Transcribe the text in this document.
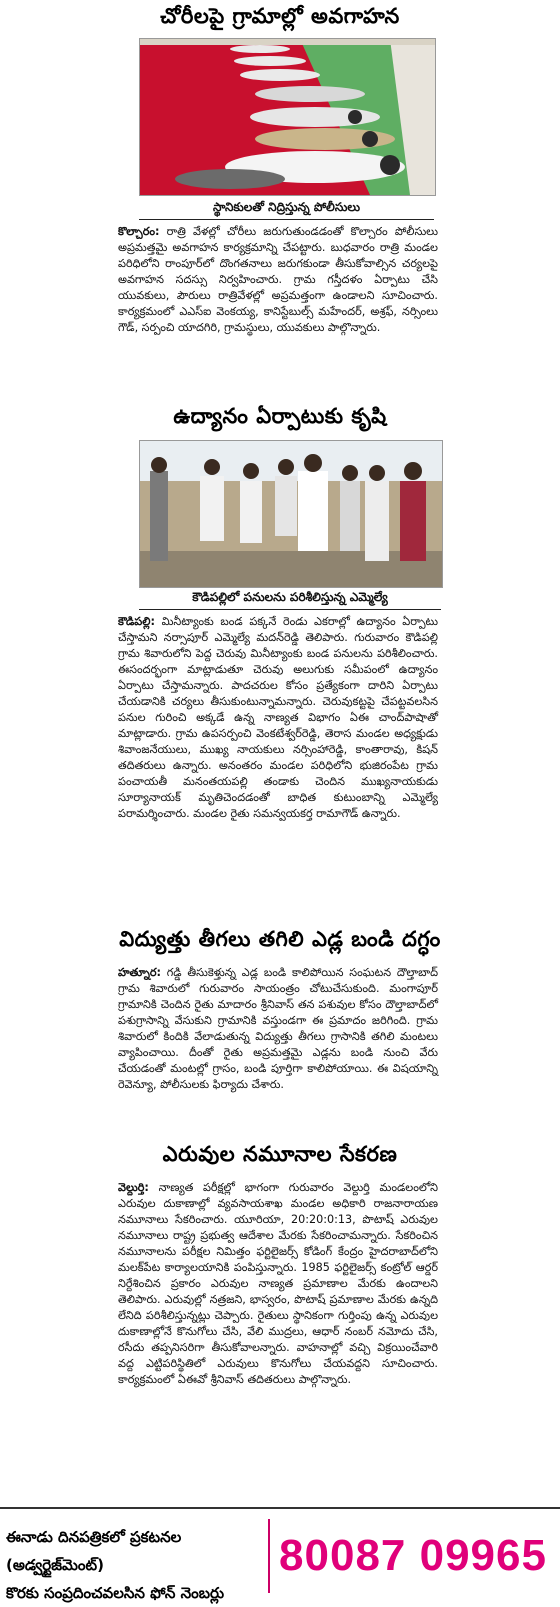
చోరీలపై గ్రామాల్లో అవగాహన
స్థానికులతో నిద్రిస్తున్న పోలీసులు
కొల్చారం: రాత్రి వేళల్లో చోరీలు జరుగుతుండడంతో కొల్చారం పోలీసులు అప్రమత్తమై అవగాహన కార్యక్రమాన్ని చేపట్టారు. బుధవారం రాత్రి మండల పరిధిలోని రాంపూర్‌లో దొంగతనాలు జరుగకుండా తీసుకోవాల్సిన చర్యలపై అవగాహన సదస్సు నిర్వహించారు. గ్రామ గస్తీదళం ఏర్పాటు చేసి యువకులు, పౌరులు రాత్రివేళల్లో అప్రమత్తంగా ఉండాలని సూచించారు. కార్యక్రమంలో ఎఎస్‌ఐ వెంకయ్య, కానిస్టేబుల్స్‌ మహేందర్‌, అశ్రఫ్‌, నర్సింలు గౌడ్‌, సర్పంచి యాదగిరి, గ్రామస్థులు, యువకులు పాల్గొన్నారు.
ఉద్యానం ఏర్పాటుకు కృషి
కౌడిపల్లిలో పనులను పరిశీలిస్తున్న ఎమ్మెల్యే
కౌడిపల్లి: మినీట్యాంకు బండ పక్కనే రెండు ఎకరాల్లో ఉద్యానం ఏర్పాటు చేస్తామని నర్సాపూర్‌ ఎమ్మెల్యే మదన్‌రెడ్డి తెలిపారు. గురువారం కౌడిపల్లి గ్రామ శివారులోని పెద్ద చెరువు మినీట్యాంకు బండ పనులను పరిశీలించారు. ఈసందర్భంగా మాట్లాడుతూ చెరువు అలుగుకు సమీపంలో ఉద్యానం ఏర్పాటు చేస్తామన్నారు. పాదచరుల కోసం ప్రత్యేకంగా దారిని ఏర్పాటు చేయడానికి చర్యలు తీసుకుంటున్నామన్నారు. చెరువుకట్టపై చేపట్టవలసిన పనుల గురించి అక్కడే ఉన్న నాణ్యత విభాగం ఏఈ చాంద్‌పాషాతో మాట్లాడారు. గ్రామ ఉపసర్పంచి వెంకటేశ్వర్‌రెడ్డి, తెరాస మండల అధ్యక్షుడు శివాంజనేయులు, ముఖ్య నాయకులు నర్సింహారెడ్డి, కాంతారావు, కిషన్‌ తదితరులు ఉన్నారు. అనంతరం మండల పరిధిలోని భుజిరంపేట గ్రామ పంచాయతీ మనంతయపల్లి తండాకు చెందిన ముఖ్యనాయకుడు సూర్యానాయక్‌ మృతిచెందడంతో బాధిత కుటుంబాన్ని ఎమ్మెల్యే పరామర్శించారు. మండల రైతు సమన్వయకర్త రామాగౌడ్‌ ఉన్నారు.
విద్యుత్తు తీగలు తగిలి ఎడ్ల బండి దగ్ధం
హత్నూర: గడ్డి తీసుకెళ్తున్న ఎడ్ల బండి కాలిపోయిన సంఘటన దౌల్తాబాద్‌ గ్రామ శివారులో గురువారం సాయంత్రం చోటుచేసుకుంది. మంగాపూర్‌ గ్రామానికి చెందిన రైతు మాదారం శ్రీనివాస్‌ తన పశువుల కోసం దౌల్తాబాద్‌లో పశుగ్రాసాన్ని వేసుకుని గ్రామానికి వస్తుండగా ఈ ప్రమాదం జరిగింది. గ్రామ శివారులో కిందికి వేలాడుతున్న విద్యుత్తు తీగలు గ్రాసానికి తగిలి మంటలు వ్యాపించాయి. దీంతో రైతు అప్రమత్తమై ఎడ్లను బండి నుంచి వేరు చేయడంతో మంటల్లో గ్రాసం, బండి పూర్తిగా కాలిపోయాయి. ఈ విషయాన్ని రెవెన్యూ, పోలీసులకు ఫిర్యాదు చేశారు.
ఎరువుల నమూనాల సేకరణ
వెల్దుర్తి: నాణ్యత పరీక్షల్లో భాగంగా గురువారం వెల్దుర్తి మండలంలోని ఎరువుల దుకాణాల్లో వ్యవసాయశాఖ మండల అధికారి రాజనారాయణ నమూనాలు సేకరించారు. యూరియా, 20:20:0:13, పొటాష్‌ ఎరువుల నమూనాలు రాష్ట్ర ప్రభుత్వ ఆదేశాల మేరకు సేకరించామన్నారు. సేకరించిన నమూనాలను పరీక్షల నిమిత్తం ఫర్టిలైజర్స్‌ కోడింగ్‌ కేంద్రం హైదరాబాద్‌లోని మలక్‌పేట కార్యాలయానికి పంపిస్తున్నారు. 1985 ఫర్టిలైజర్స్‌ కంట్రోల్‌ ఆర్డర్‌ నిర్దేశించిన ప్రకారం ఎరువుల నాణ్యత ప్రమాణాల మేరకు ఉందాలని తెలిపారు. ఎరువుల్లో నత్రజని, భాస్వరం, పొటాష్‌ ప్రమాణాల మేరకు ఉన్నది లేనిది పరిశీలిస్తున్నట్లు చెప్పారు. రైతులు స్థానికంగా గుర్తింపు ఉన్న ఎరువుల దుకాణాల్లోనే కొనుగోలు చేసి, వేలి ముద్రలు, ఆధార్‌ నంబర్‌ నమోదు చేసి, రసీదు తప్పనిసరిగా తీసుకోవాలన్నారు. వాహనాల్లో వచ్చి విక్రయించేవారి వద్ద ఎట్టిపరిస్థితిలో ఎరువులు కొనుగోలు చేయవద్దని సూచించారు. కార్యక్రమంలో ఏఈవో శ్రీనివాస్‌ తదితరులు పాల్గొన్నారు.
ఈనాడు దినపత్రికలో ప్రకటనల (అడ్వర్టైజ్‌మెంట్‌)
కొరకు సంప్రదించవలసిన ఫోన్‌ నెంబర్లు
80087 09965
